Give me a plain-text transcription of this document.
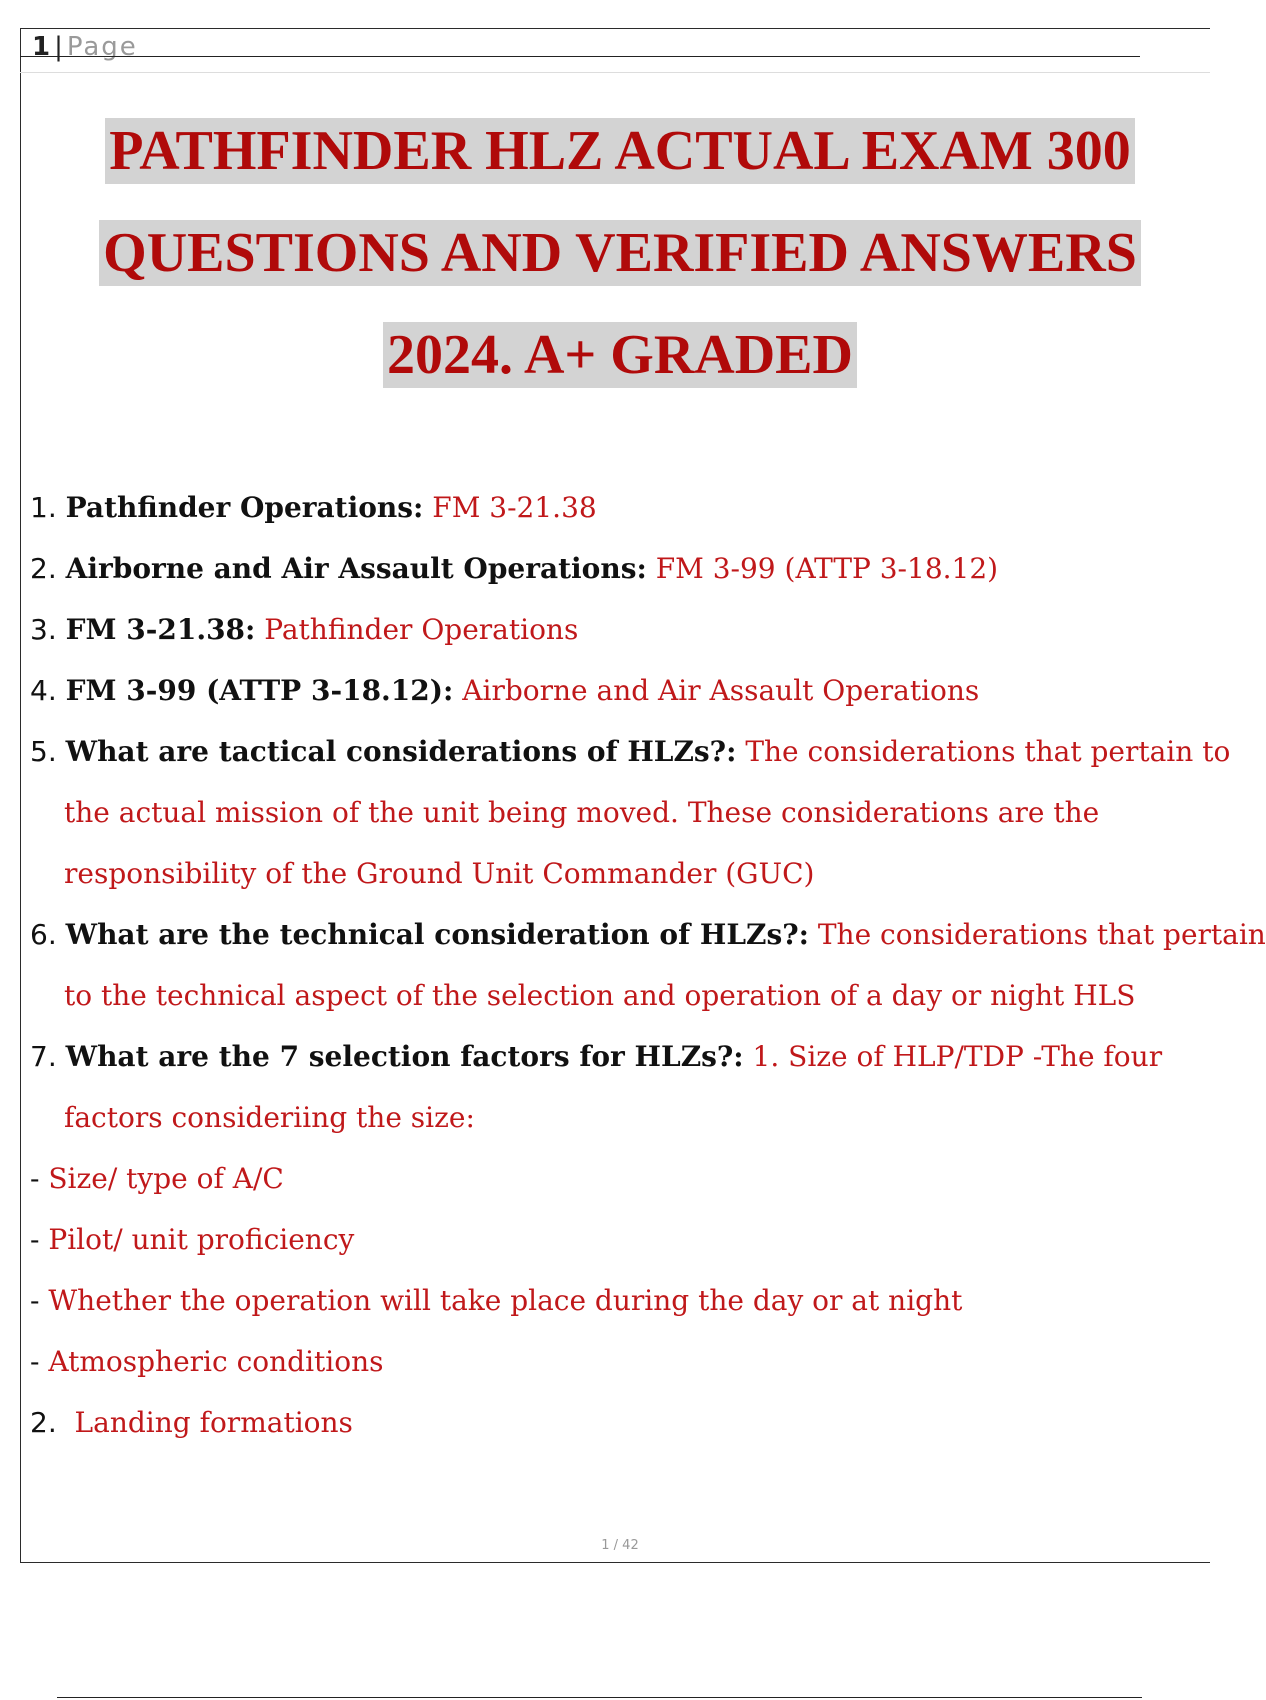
1 | Page
PATHFINDER HLZ ACTUAL EXAM 300
QUESTIONS AND VERIFIED ANSWERS
2024. A+ GRADED
1. Pathfinder Operations: FM 3-21.38
2. Airborne and Air Assault Operations: FM 3-99 (ATTP 3-18.12)
3. FM 3-21.38: Pathfinder Operations
4. FM 3-99 (ATTP 3-18.12): Airborne and Air Assault Operations
5. What are tactical considerations of HLZs?: The considerations that pertain to
the actual mission of the unit being moved. These considerations are the
responsibility of the Ground Unit Commander (GUC)
6. What are the technical consideration of HLZs?: The considerations that pertain
to the technical aspect of the selection and operation of a day or night HLS
7. What are the 7 selection factors for HLZs?: 1. Size of HLP/TDP -The four
factors consideriing the size:
- Size/ type of A/C
- Pilot/ unit proficiency
- Whether the operation will take place during the day or at night
- Atmospheric conditions
2. Landing formations
1 / 42
